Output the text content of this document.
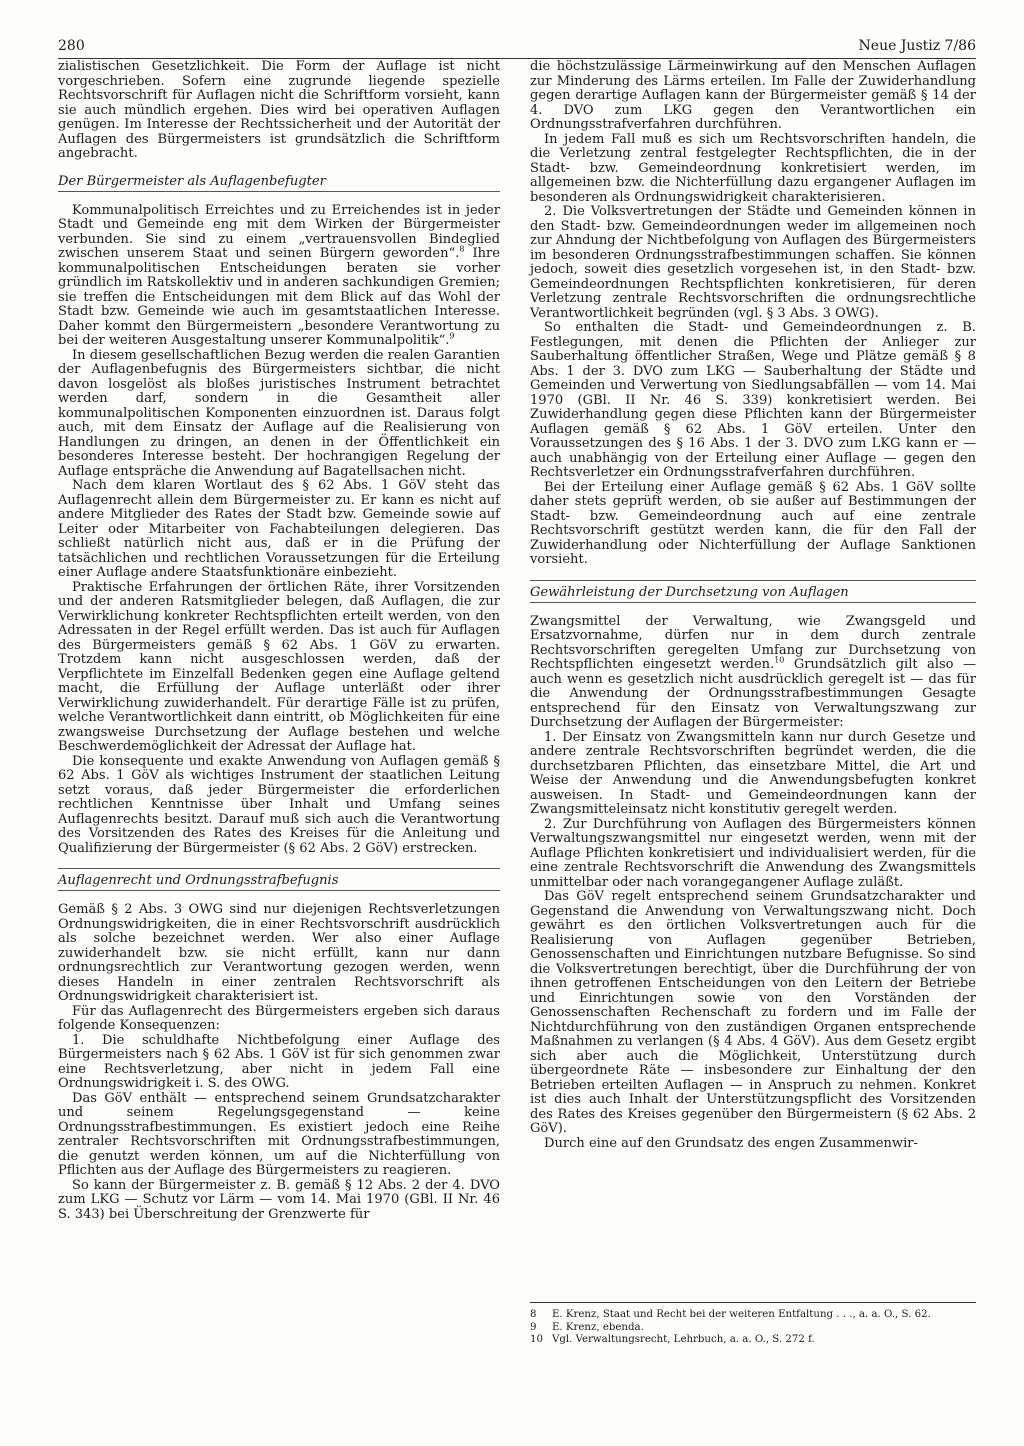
280	Neue Justiz 7/86

zialistischen Gesetzlichkeit. Die Form der Auflage ist nicht vorgeschrieben. Sofern eine zugrunde liegende spezielle Rechtsvorschrift für Auflagen nicht die Schriftform vorsieht, kann sie auch mündlich ergehen. Dies wird bei operativen Auflagen genügen. Im Interesse der Rechtssicherheit und der Autorität der Auflagen des Bürgermeisters ist grundsätzlich die Schriftform angebracht.

Der Bürgermeister als Auflagenbefugter

Kommunalpolitisch Erreichtes und zu Erreichendes ist in jeder Stadt und Gemeinde eng mit dem Wirken der Bürgermeister verbunden. Sie sind zu einem „vertrauensvollen Bindeglied zwischen unserem Staat und seinen Bürgern geworden“.$^8$ Ihre kommunalpolitischen Entscheidungen beraten sie vorher gründlich im Ratskollektiv und in anderen sachkundigen Gremien; sie treffen die Entscheidungen mit dem Blick auf das Wohl der Stadt bzw. Gemeinde wie auch im gesamtstaatlichen Interesse. Daher kommt den Bürgermeistern „besondere Verantwortung zu bei der weiteren Ausgestaltung unserer Kommunalpolitik“.$^9$

In diesem gesellschaftlichen Bezug werden die realen Garantien der Auflagenbefugnis des Bürgermeisters sichtbar, die nicht davon losgelöst als bloßes juristisches Instrument betrachtet werden darf, sondern in die Gesamtheit aller kommunalpolitischen Komponenten einzuordnen ist. Daraus folgt auch, mit dem Einsatz der Auflage auf die Realisierung von Handlungen zu dringen, an denen in der Öffentlichkeit ein besonderes Interesse besteht. Der hochrangigen Regelung der Auflage entspräche die Anwendung auf Bagatellsachen nicht.

Nach dem klaren Wortlaut des § 62 Abs. 1 GöV steht das Auflagenrecht allein dem Bürgermeister zu. Er kann es nicht auf andere Mitglieder des Rates der Stadt bzw. Gemeinde sowie auf Leiter oder Mitarbeiter von Fachabteilungen delegieren. Das schließt natürlich nicht aus, daß er in die Prüfung der tatsächlichen und rechtlichen Voraussetzungen für die Erteilung einer Auflage andere Staatsfunktionäre einbezieht.

Praktische Erfahrungen der örtlichen Räte, ihrer Vorsitzenden und der anderen Ratsmitglieder belegen, daß Auflagen, die zur Verwirklichung konkreter Rechtspflichten erteilt werden, von den Adressaten in der Regel erfüllt werden. Das ist auch für Auflagen des Bürgermeisters gemäß § 62 Abs. 1 GöV zu erwarten. Trotzdem kann nicht ausgeschlossen werden, daß der Verpflichtete im Einzelfall Bedenken gegen eine Auflage geltend macht, die Erfüllung der Auflage unterläßt oder ihrer Verwirklichung zuwiderhandelt. Für derartige Fälle ist zu prüfen, welche Verantwortlichkeit dann eintritt, ob Möglichkeiten für eine zwangsweise Durchsetzung der Auflage bestehen und welche Beschwerdemöglichkeit der Adressat der Auflage hat.

Die konsequente und exakte Anwendung von Auflagen gemäß § 62 Abs. 1 GöV als wichtiges Instrument der staatlichen Leitung setzt voraus, daß jeder Bürgermeister die erforderlichen rechtlichen Kenntnisse über Inhalt und Umfang seines Auflagenrechts besitzt. Darauf muß sich auch die Verantwortung des Vorsitzenden des Rates des Kreises für die Anleitung und Qualifizierung der Bürgermeister (§ 62 Abs. 2 GöV) erstrecken.

Auflagenrecht und Ordnungsstrafbefugnis

Gemäß § 2 Abs. 3 OWG sind nur diejenigen Rechtsverletzungen Ordnungswidrigkeiten, die in einer Rechtsvorschrift ausdrücklich als solche bezeichnet werden. Wer also einer Auflage zuwiderhandelt bzw. sie nicht erfüllt, kann nur dann ordnungsrechtlich zur Verantwortung gezogen werden, wenn dieses Handeln in einer zentralen Rechtsvorschrift als Ordnungswidrigkeit charakterisiert ist.

Für das Auflagenrecht des Bürgermeisters ergeben sich daraus folgende Konsequenzen:

1. Die schuldhafte Nichtbefolgung einer Auflage des Bürgermeisters nach § 62 Abs. 1 GöV ist für sich genommen zwar eine Rechtsverletzung, aber nicht in jedem Fall eine Ordnungswidrigkeit i. S. des OWG.

Das GöV enthält — entsprechend seinem Grundsatzcharakter und seinem Regelungsgegenstand — keine Ordnungsstrafbestimmungen. Es existiert jedoch eine Reihe zentraler Rechtsvorschriften mit Ordnungsstrafbestimmungen, die genutzt werden können, um auf die Nichterfüllung von Pflichten aus der Auflage des Bürgermeisters zu reagieren.

So kann der Bürgermeister z. B. gemäß § 12 Abs. 2 der 4. DVO zum LKG — Schutz vor Lärm — vom 14. Mai 1970 (GBl. II Nr. 46 S. 343) bei Überschreitung der Grenzwerte für

die höchstzulässige Lärmeinwirkung auf den Menschen Auflagen zur Minderung des Lärms erteilen. Im Falle der Zuwiderhandlung gegen derartige Auflagen kann der Bürgermeister gemäß § 14 der 4. DVO zum LKG gegen den Verantwortlichen ein Ordnungsstrafverfahren durchführen.

In jedem Fall muß es sich um Rechtsvorschriften handeln, die die Verletzung zentral festgelegter Rechtspflichten, die in der Stadt- bzw. Gemeindeordnung konkretisiert werden, im allgemeinen bzw. die Nichterfüllung dazu ergangener Auflagen im besonderen als Ordnungswidrigkeit charakterisieren.

2. Die Volksvertretungen der Städte und Gemeinden können in den Stadt- bzw. Gemeindeordnungen weder im allgemeinen noch zur Ahndung der Nichtbefolgung von Auflagen des Bürgermeisters im besonderen Ordnungsstrafbestimmungen schaffen. Sie können jedoch, soweit dies gesetzlich vorgesehen ist, in den Stadt- bzw. Gemeindeordnungen Rechtspflichten konkretisieren, für deren Verletzung zentrale Rechtsvorschriften die ordnungsrechtliche Verantwortlichkeit begründen (vgl. § 3 Abs. 3 OWG).

So enthalten die Stadt- und Gemeindeordnungen z. B. Festlegungen, mit denen die Pflichten der Anlieger zur Sauberhaltung öffentlicher Straßen, Wege und Plätze gemäß § 8 Abs. 1 der 3. DVO zum LKG — Sauberhaltung der Städte und Gemeinden und Verwertung von Siedlungsabfällen — vom 14. Mai 1970 (GBl. II Nr. 46 S. 339) konkretisiert werden. Bei Zuwiderhandlung gegen diese Pflichten kann der Bürgermeister Auflagen gemäß § 62 Abs. 1 GöV erteilen. Unter den Voraussetzungen des § 16 Abs. 1 der 3. DVO zum LKG kann er — auch unabhängig von der Erteilung einer Auflage — gegen den Rechtsverletzer ein Ordnungsstrafverfahren durchführen.

Bei der Erteilung einer Auflage gemäß § 62 Abs. 1 GöV sollte daher stets geprüft werden, ob sie außer auf Bestimmungen der Stadt- bzw. Gemeindeordnung auch auf eine zentrale Rechtsvorschrift gestützt werden kann, die für den Fall der Zuwiderhandlung oder Nichterfüllung der Auflage Sanktionen vorsieht.

Gewährleistung der Durchsetzung von Auflagen

Zwangsmittel der Verwaltung, wie Zwangsgeld und Ersatzvornahme, dürfen nur in dem durch zentrale Rechtsvorschriften geregelten Umfang zur Durchsetzung von Rechtspflichten eingesetzt werden.$^{10}$ Grundsätzlich gilt also — auch wenn es gesetzlich nicht ausdrücklich geregelt ist — das für die Anwendung der Ordnungsstrafbestimmungen Gesagte entsprechend für den Einsatz von Verwaltungszwang zur Durchsetzung der Auflagen der Bürgermeister:

1. Der Einsatz von Zwangsmitteln kann nur durch Gesetze und andere zentrale Rechtsvorschriften begründet werden, die die durchsetzbaren Pflichten, das einsetzbare Mittel, die Art und Weise der Anwendung und die Anwendungsbefugten konkret ausweisen. In Stadt- und Gemeindeordnungen kann der Zwangsmitteleinsatz nicht konstitutiv geregelt werden.

2. Zur Durchführung von Auflagen des Bürgermeisters können Verwaltungszwangsmittel nur eingesetzt werden, wenn mit der Auflage Pflichten konkretisiert und individualisiert werden, für die eine zentrale Rechtsvorschrift die Anwendung des Zwangsmittels unmittelbar oder nach vorangegangener Auflage zuläßt.

Das GöV regelt entsprechend seinem Grundsatzcharakter und Gegenstand die Anwendung von Verwaltungszwang nicht. Doch gewährt es den örtlichen Volksvertretungen auch für die Realisierung von Auflagen gegenüber Betrieben, Genossenschaften und Einrichtungen nutzbare Befugnisse. So sind die Volksvertretungen berechtigt, über die Durchführung der von ihnen getroffenen Entscheidungen von den Leitern der Betriebe und Einrichtungen sowie von den Vorständen der Genossenschaften Rechenschaft zu fordern und im Falle der Nichtdurchführung von den zuständigen Organen entsprechende Maßnahmen zu verlangen (§ 4 Abs. 4 GöV). Aus dem Gesetz ergibt sich aber auch die Möglichkeit, Unterstützung durch übergeordnete Räte — insbesondere zur Einhaltung der den Betrieben erteilten Auflagen — in Anspruch zu nehmen. Konkret ist dies auch Inhalt der Unterstützungspflicht des Vorsitzenden des Rates des Kreises gegenüber den Bürgermeistern (§ 62 Abs. 2 GöV).

Durch eine auf den Grundsatz des engen Zusammenwir-

8	E. Krenz, Staat und Recht bei der weiteren Entfaltung . . ., a. a. O., S. 62.
9	E. Krenz, ebenda.
10 Vgl. Verwaltungsrecht, Lehrbuch, a. a. O., S. 272 f.
